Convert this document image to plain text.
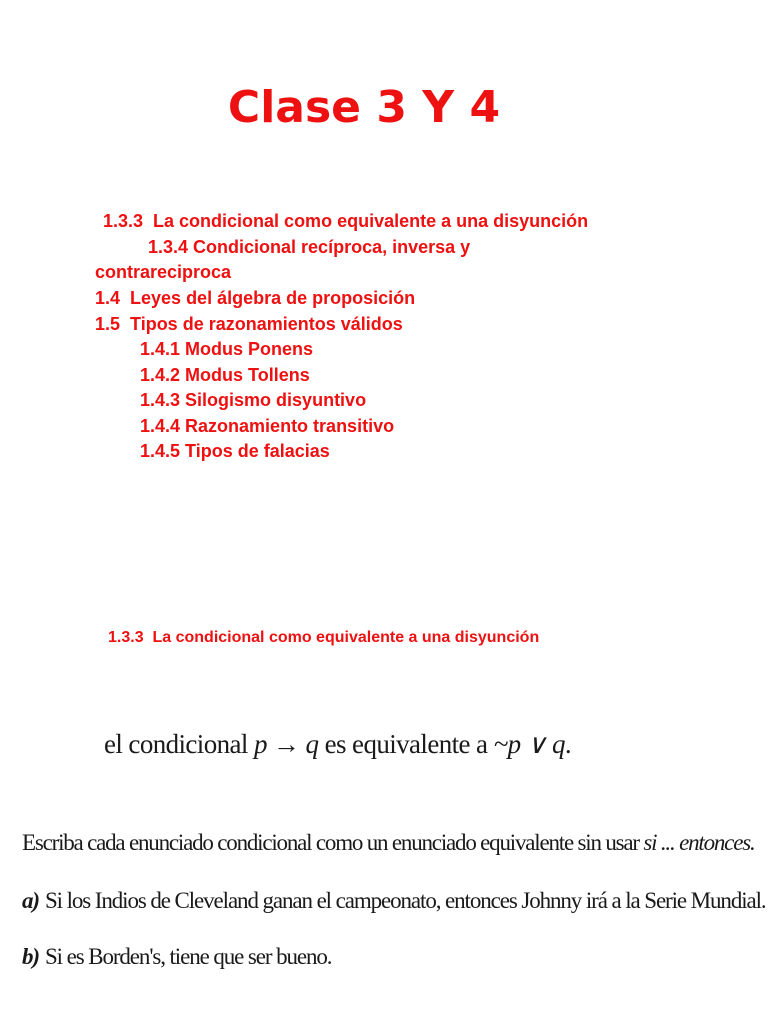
Clase 3 Y 4
1.3.3  La condicional como equivalente a una disyunción
1.3.4 Condicional recíproca, inversa y
contrareciproca
1.4  Leyes del álgebra de proposición
1.5  Tipos de razonamientos válidos
1.4.1 Modus Ponens
1.4.2 Modus Tollens
1.4.3 Silogismo disyuntivo
1.4.4 Razonamiento transitivo
1.4.5 Tipos de falacias
1.3.3  La condicional como equivalente a una disyunción
el condicional p → q es equivalente a ~p ∨ q.
Escriba cada enunciado condicional como un enunciado equivalente sin usar si ... entonces.
a) Si los Indios de Cleveland ganan el campeonato, entonces Johnny irá a la Serie Mundial.
b) Si es Borden's, tiene que ser bueno.
